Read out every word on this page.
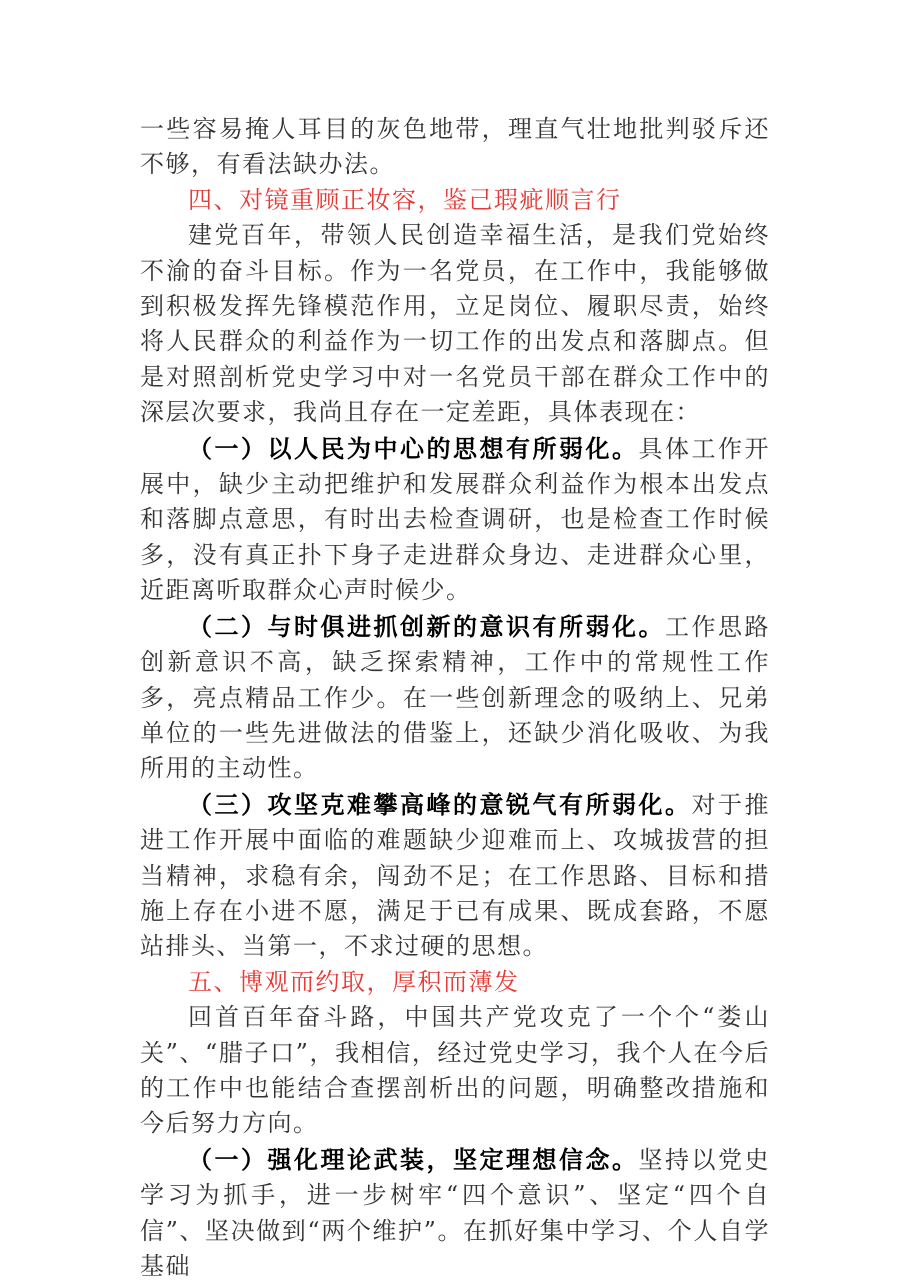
一些容易掩人耳目的灰色地带，理直气壮地批判驳斥还不够，有看法缺办法。

四、对镜重顾正妆容，鉴己瑕疵顺言行

建党百年，带领人民创造幸福生活，是我们党始终不渝的奋斗目标。作为一名党员，在工作中，我能够做到积极发挥先锋模范作用，立足岗位、履职尽责，始终将人民群众的利益作为一切工作的出发点和落脚点。但是对照剖析党史学习中对一名党员干部在群众工作中的深层次要求，我尚且存在一定差距，具体表现在：

（一）以人民为中心的思想有所弱化。具体工作开展中，缺少主动把维护和发展群众利益作为根本出发点和落脚点意思，有时出去检查调研，也是检查工作时候多，没有真正扑下身子走进群众身边、走进群众心里，近距离听取群众心声时候少。

（二）与时俱进抓创新的意识有所弱化。工作思路创新意识不高，缺乏探索精神，工作中的常规性工作多，亮点精品工作少。在一些创新理念的吸纳上、兄弟单位的一些先进做法的借鉴上，还缺少消化吸收、为我所用的主动性。

（三）攻坚克难攀高峰的意锐气有所弱化。对于推进工作开展中面临的难题缺少迎难而上、攻城拔营的担当精神，求稳有余，闯劲不足；在工作思路、目标和措施上存在小进不愿，满足于已有成果、既成套路，不愿站排头、当第一，不求过硬的思想。

五、博观而约取，厚积而薄发

回首百年奋斗路，中国共产党攻克了一个个“娄山关”、“腊子口”，我相信，经过党史学习，我个人在今后的工作中也能结合查摆剖析出的问题，明确整改措施和今后努力方向。

（一）强化理论武装，坚定理想信念。坚持以党史学习为抓手，进一步树牢“四个意识”、坚定“四个自信”、坚决做到“两个维护”。在抓好集中学习、个人自学基础
